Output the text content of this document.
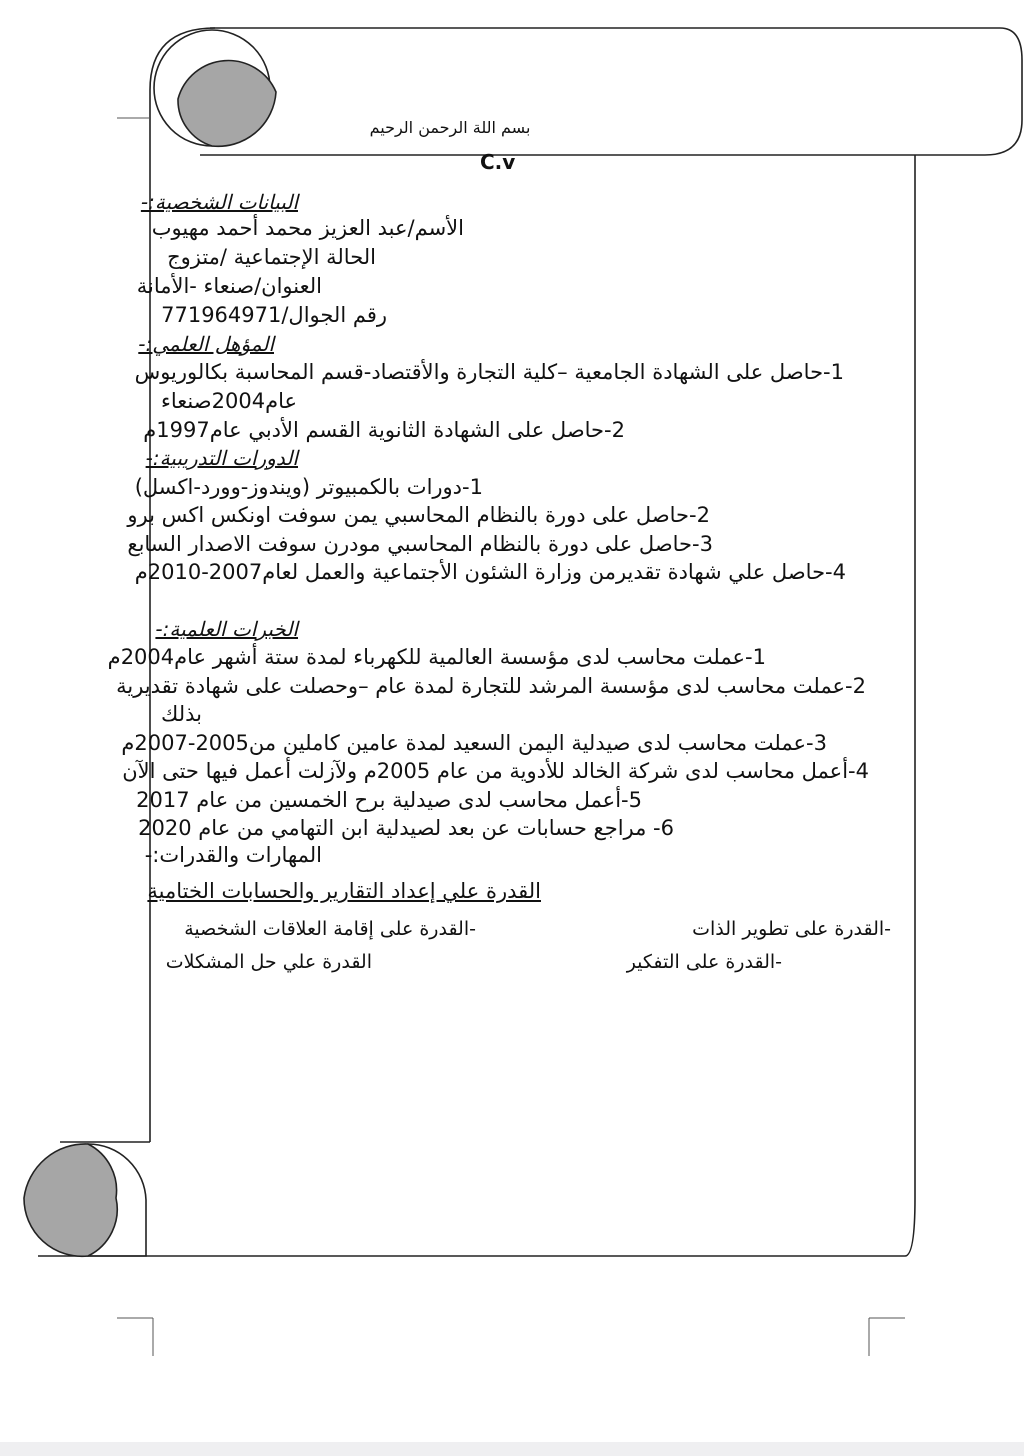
بسم اللة الرحمن الرحيم
C.v
البيانات الشخصية:-
الأسم/عبد العزيز محمد أحمد مهيوب
الحالة الإجتماعية /متزوج
العنوان/صنعاء -الأمانة
رقم الجوال/771964971
المؤهل العلمي:-
1-حاصل على الشهادة الجامعية –كلية التجارة والأقتصاد-قسم المحاسبة بكالوريوس
عام2004صنعاء
2-حاصل على الشهادة الثانوية القسم الأدبي عام1997م
الدورات التدريبية:-
1-دورات بالكمبيوتر (ويندوز-وورد-اكسل)
2-حاصل على دورة بالنظام المحاسبي يمن سوفت اونكس اكس برو
3-حاصل على دورة بالنظام المحاسبي مودرن سوفت الاصدار السابع
4-حاصل علي شهادة تقديرمن وزارة الشئون الأجتماعية والعمل لعام2007-2010م
الخبرات العلمية:-
1-عملت محاسب لدى مؤسسة العالمية للكهرباء لمدة ستة أشهر عام2004م
2-عملت محاسب لدى مؤسسة المرشد للتجارة لمدة عام –وحصلت على شهادة تقديرية
بذلك
3-عملت محاسب لدى صيدلية اليمن السعيد لمدة عامين كاملين من2005-2007م
4-أعمل محاسب لدى شركة الخالد للأدوية من عام 2005م ولآزلت أعمل فيها حتى الآن
5-أعمل محاسب لدى صيدلية برح الخمسين من عام 2017
6- مراجع حسابات عن بعد لصيدلية ابن التهامي من عام 2020
المهارات والقدرات:-
القدرة علي إعداد التقارير والحسابات الختامية
-القدرة على تطوير الذات
-القدرة على إقامة العلاقات الشخصية
-القدرة على التفكير
القدرة علي حل المشكلات
